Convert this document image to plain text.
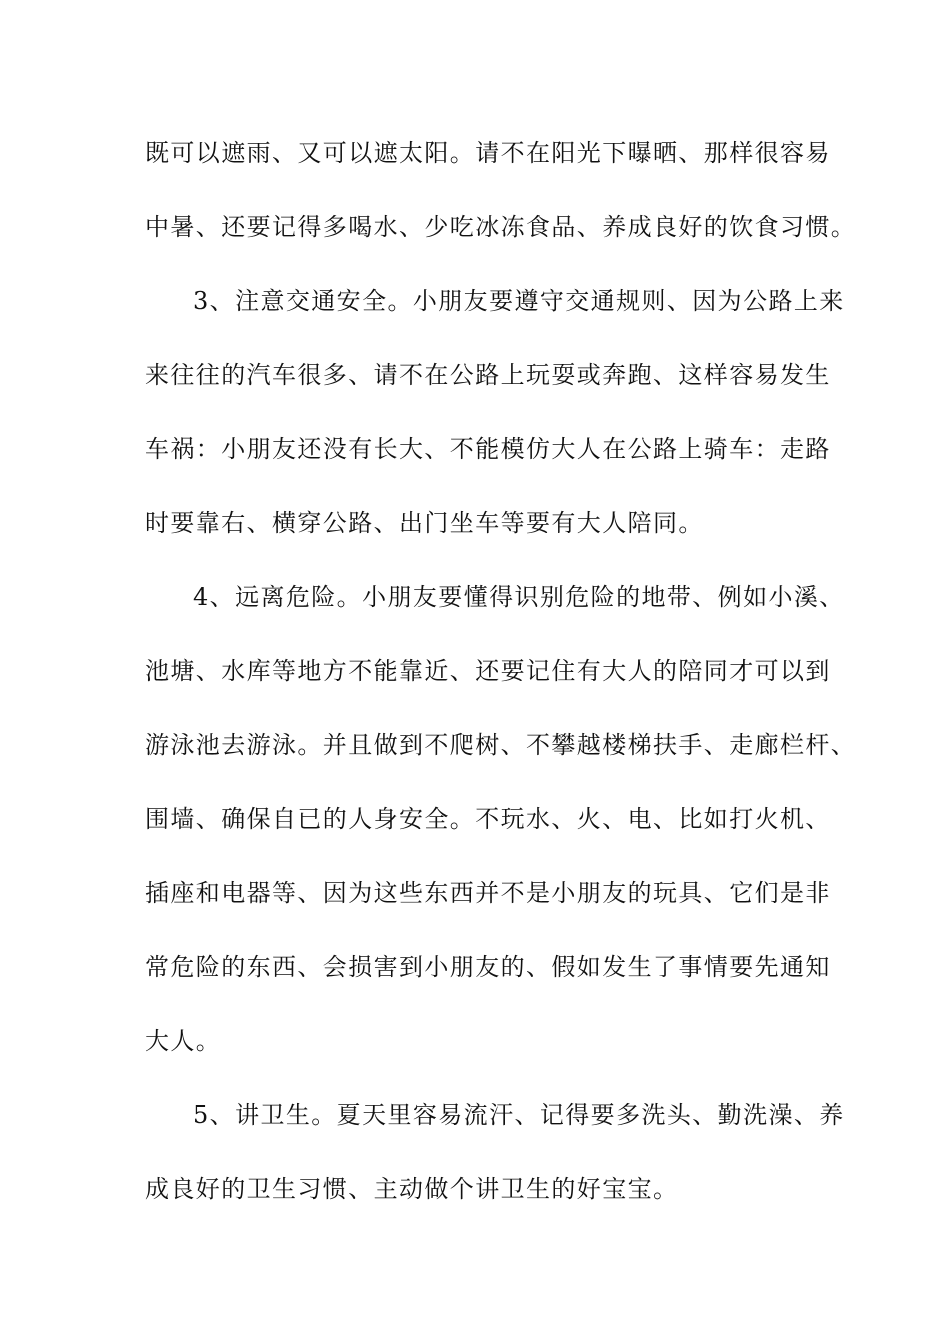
既可以遮雨、又可以遮太阳。请不在阳光下曝晒、那样很容易
中暑、还要记得多喝水、少吃冰冻食品、养成良好的饮食习惯。
3、注意交通安全。小朋友要遵守交通规则、因为公路上来
来往往的汽车很多、请不在公路上玩耍或奔跑、这样容易发生
车祸：小朋友还没有长大、不能模仿大人在公路上骑车：走路
时要靠右、横穿公路、出门坐车等要有大人陪同。
4、远离危险。小朋友要懂得识别危险的地带、例如小溪、
池塘、水库等地方不能靠近、还要记住有大人的陪同才可以到
游泳池去游泳。并且做到不爬树、不攀越楼梯扶手、走廊栏杆、
围墙、确保自已的人身安全。不玩水、火、电、比如打火机、
插座和电器等、因为这些东西并不是小朋友的玩具、它们是非
常危险的东西、会损害到小朋友的、假如发生了事情要先通知
大人。
5、讲卫生。夏天里容易流汗、记得要多洗头、勤洗澡、养
成良好的卫生习惯、主动做个讲卫生的好宝宝。
